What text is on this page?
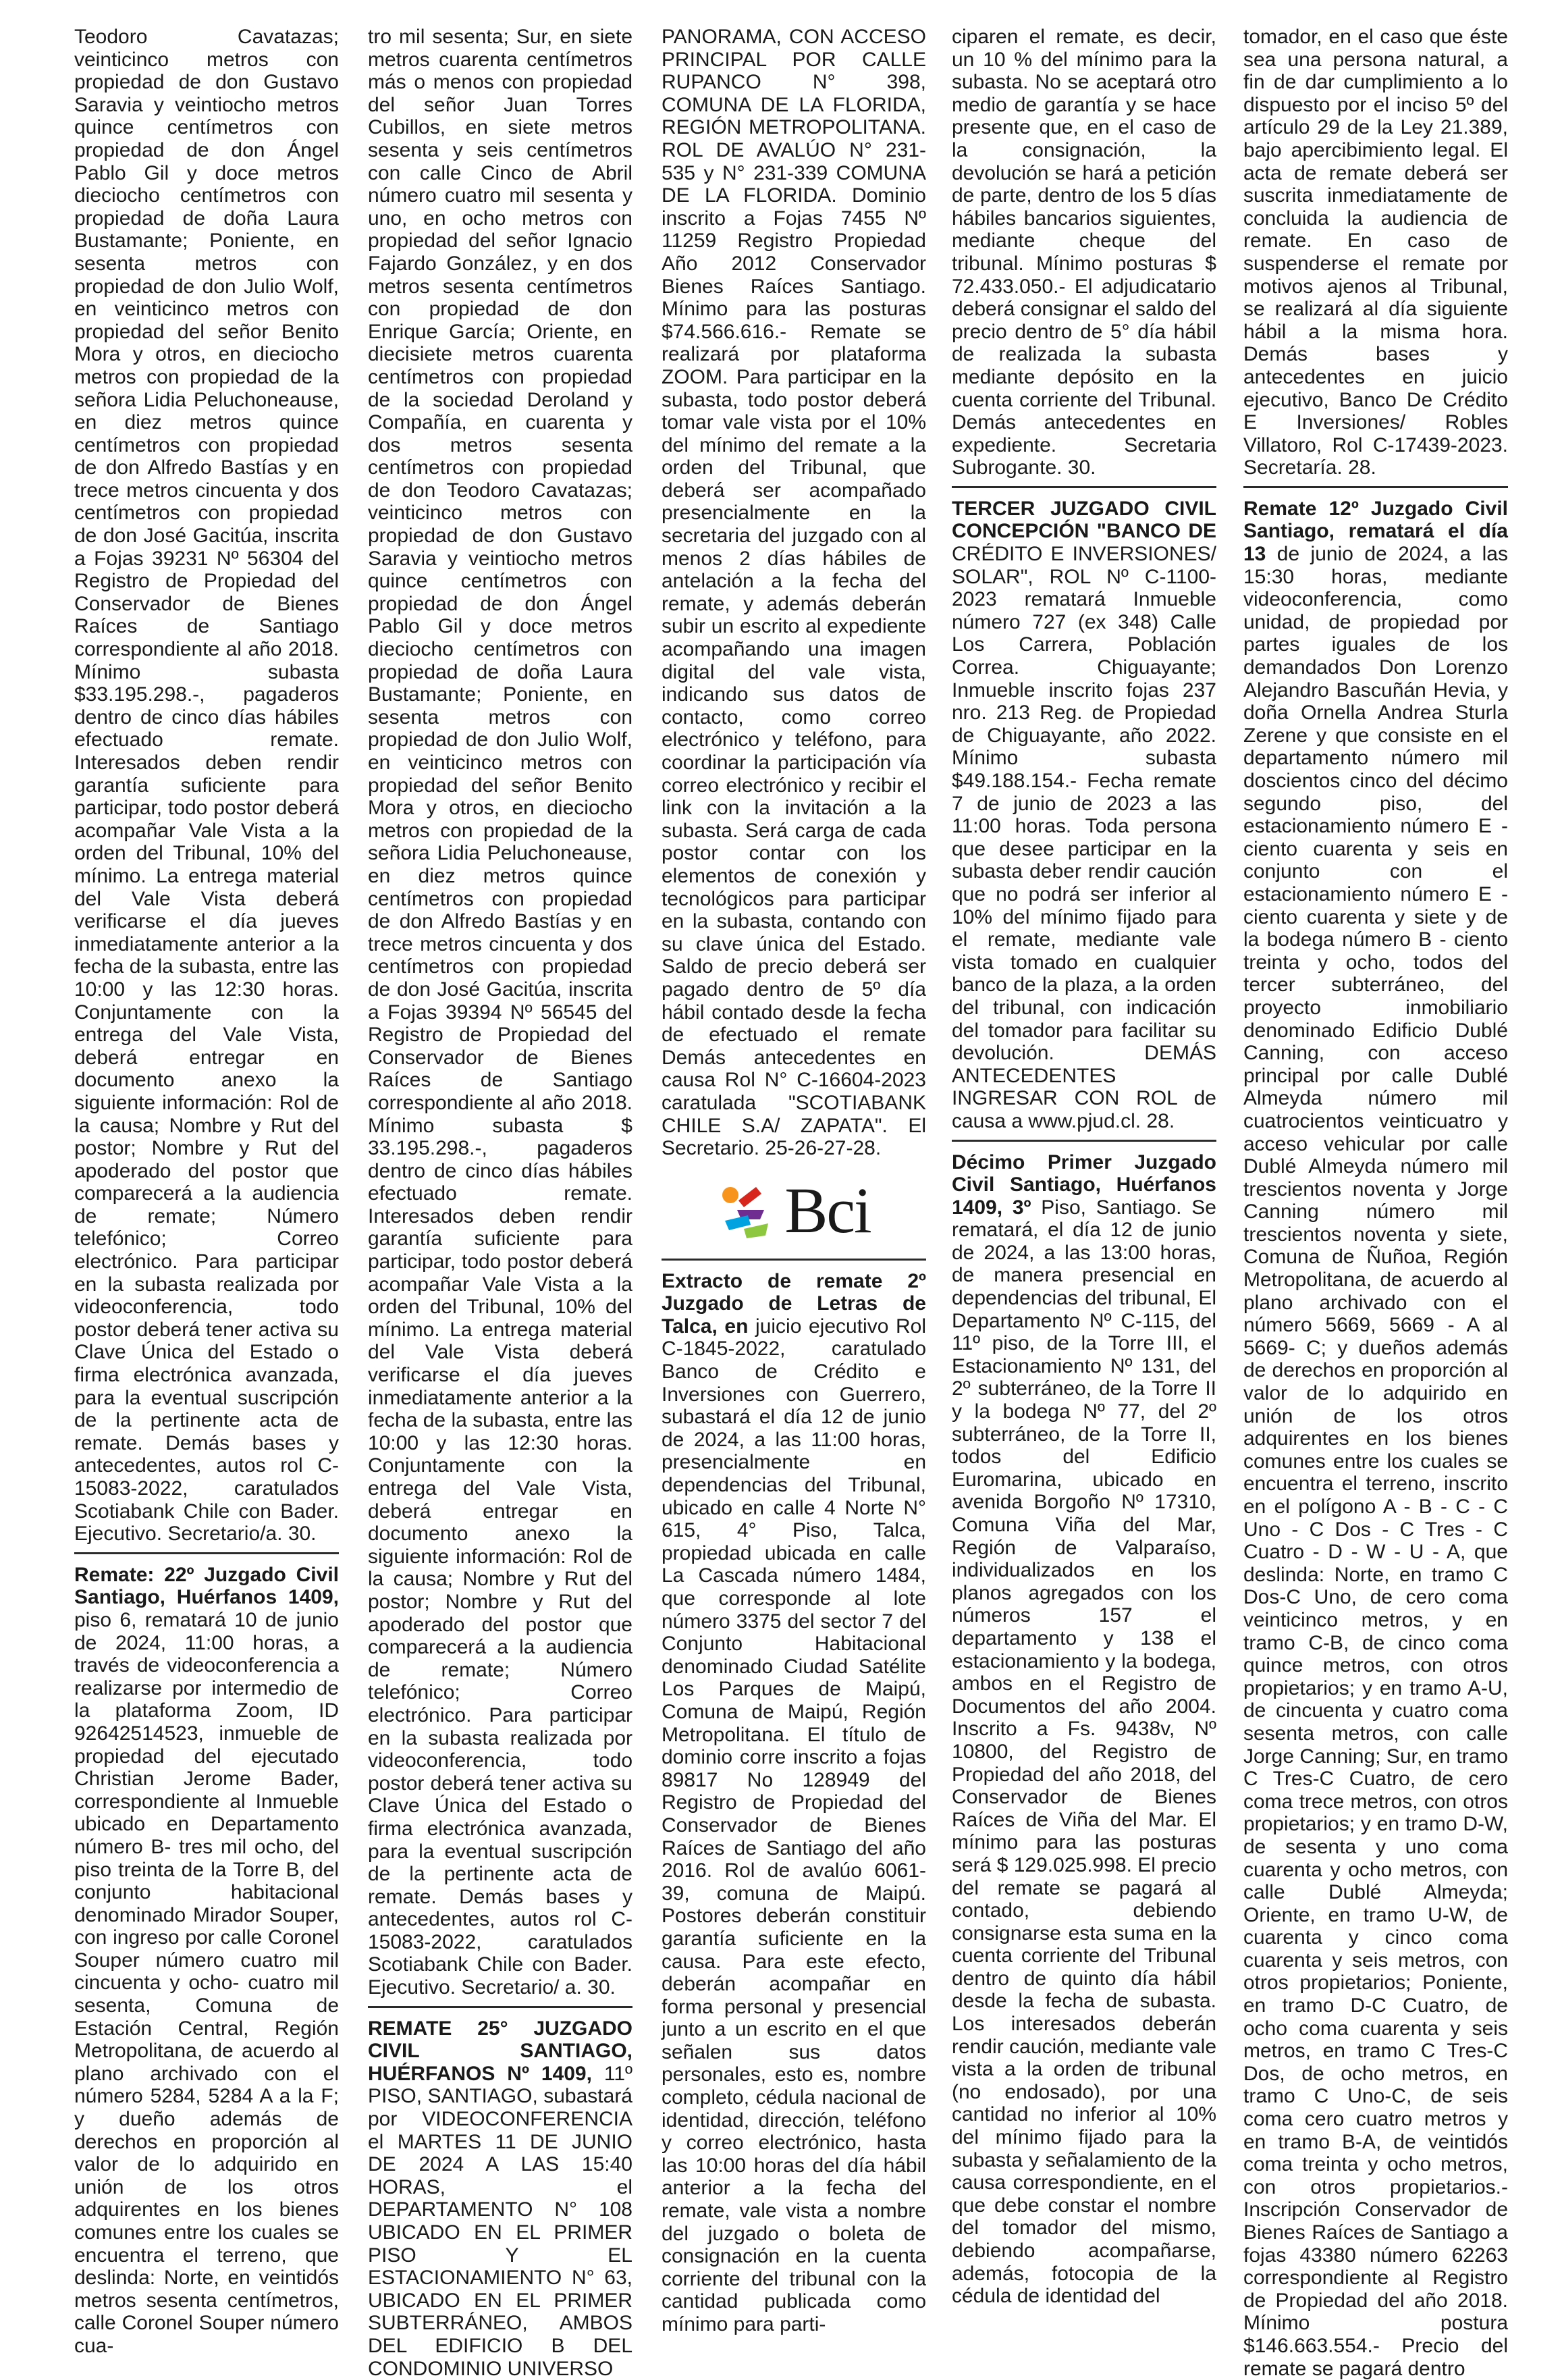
Teodoro Cavatazas; veinticinco metros con propiedad de don Gustavo Saravia y veintiocho metros quince centímetros con propiedad de don Ángel Pablo Gil y doce metros dieciocho centímetros con propiedad de doña Laura Bustamante; Poniente, en sesenta metros con propiedad de don Julio Wolf, en veinticinco metros con propiedad del señor Benito Mora y otros, en dieciocho metros con propiedad de la señora Lidia Peluchoneause, en diez metros quince centímetros con propiedad de don Alfredo Bastías y en trece metros cincuenta y dos centímetros con propiedad de don José Gacitúa, inscrita a Fojas 39231 Nº 56304 del Registro de Propiedad del Conservador de Bienes Raíces de Santiago correspondiente al año 2018. Mínimo subasta $33.195.298.-, pagaderos dentro de cinco días hábiles efectuado remate. Interesados deben rendir garantía suficiente para participar, todo postor deberá acompañar Vale Vista a la orden del Tribunal, 10% del mínimo. La entrega material del Vale Vista deberá verificarse el día jueves inmediatamente anterior a la fecha de la subasta, entre las 10:00 y las 12:30 horas. Conjuntamente con la entrega del Vale Vista, deberá entregar en documento anexo la siguiente información: Rol de la causa; Nombre y Rut del postor; Nombre y Rut del apoderado del postor que comparecerá a la audiencia de remate; Número telefónico; Correo electrónico. Para participar en la subasta realizada por videoconferencia, todo postor deberá tener activa su Clave Única del Estado o firma electrónica avanzada, para la eventual suscripción de la pertinente acta de remate. Demás bases y antecedentes, autos rol C-15083-2022, caratulados Scotiabank Chile con Bader. Ejecutivo. Secretario/a. 30.

Remate: 22º Juzgado Civil Santiago, Huérfanos 1409, piso 6, rematará 10 de junio de 2024, 11:00 horas, a través de videoconferencia a realizarse por intermedio de la plataforma Zoom, ID 92642514523, inmueble de propiedad del ejecutado Christian Jerome Bader, correspondiente al Inmueble ubicado en Departamento número B- tres mil ocho, del piso treinta de la Torre B, del conjunto habitacional denominado Mirador Souper, con ingreso por calle Coronel Souper número cuatro mil cincuenta y ocho- cuatro mil sesenta, Comuna de Estación Central, Región Metropolitana, de acuerdo al plano archivado con el número 5284, 5284 A a la F; y dueño además de derechos en proporción al valor de lo adquirido en unión de los otros adquirentes en los bienes comunes entre los cuales se encuentra el terreno, que deslinda: Norte, en veintidós metros sesenta centímetros, calle Coronel Souper número cua-

tro mil sesenta; Sur, en siete metros cuarenta centímetros más o menos con propiedad del señor Juan Torres Cubillos, en siete metros sesenta y seis centímetros con calle Cinco de Abril número cuatro mil sesenta y uno, en ocho metros con propiedad del señor Ignacio Fajardo González, y en dos metros sesenta centímetros con propiedad de don Enrique García; Oriente, en diecisiete metros cuarenta centímetros con propiedad de la sociedad Deroland y Compañía, en cuarenta y dos metros sesenta centímetros con propiedad de don Teodoro Cavatazas; veinticinco metros con propiedad de don Gustavo Saravia y veintiocho metros quince centímetros con propiedad de don Ángel Pablo Gil y doce metros dieciocho centímetros con propiedad de doña Laura Bustamante; Poniente, en sesenta metros con propiedad de don Julio Wolf, en veinticinco metros con propiedad del señor Benito Mora y otros, en dieciocho metros con propiedad de la señora Lidia Peluchoneause, en diez metros quince centímetros con propiedad de don Alfredo Bastías y en trece metros cincuenta y dos centímetros con propiedad de don José Gacitúa, inscrita a Fojas 39394 Nº 56545 del Registro de Propiedad del Conservador de Bienes Raíces de Santiago correspondiente al año 2018. Mínimo subasta $ 33.195.298.-, pagaderos dentro de cinco días hábiles efectuado remate. Interesados deben rendir garantía suficiente para participar, todo postor deberá acompañar Vale Vista a la orden del Tribunal, 10% del mínimo. La entrega material del Vale Vista deberá verificarse el día jueves inmediatamente anterior a la fecha de la subasta, entre las 10:00 y las 12:30 horas. Conjuntamente con la entrega del Vale Vista, deberá entregar en documento anexo la siguiente información: Rol de la causa; Nombre y Rut del postor; Nombre y Rut del apoderado del postor que comparecerá a la audiencia de remate; Número telefónico; Correo electrónico. Para participar en la subasta realizada por videoconferencia, todo postor deberá tener activa su Clave Única del Estado o firma electrónica avanzada, para la eventual suscripción de la pertinente acta de remate. Demás bases y antecedentes, autos rol C-15083-2022, caratulados Scotiabank Chile con Bader. Ejecutivo. Secretario/ a. 30.

REMATE 25° JUZGADO CIVIL SANTIAGO, HUÉRFANOS Nº 1409, 11º PISO, SANTIAGO, subastará por VIDEOCONFERENCIA el MARTES 11 DE JUNIO DE 2024 A LAS 15:40 HORAS, el DEPARTAMENTO N° 108 UBICADO EN EL PRIMER PISO Y EL ESTACIONAMIENTO N° 63, UBICADO EN EL PRIMER SUBTERRÁNEO, AMBOS DEL EDIFICIO B DEL CONDOMINIO UNIVERSO

PANORAMA, CON ACCESO PRINCIPAL POR CALLE RUPANCO N° 398, COMUNA DE LA FLORIDA, REGIÓN METROPOLITANA. ROL DE AVALÚO N° 231-535 y N° 231-339 COMUNA DE LA FLORIDA. Dominio inscrito a Fojas 7455 Nº 11259 Registro Propiedad Año 2012 Conservador Bienes Raíces Santiago. Mínimo para las posturas $74.566.616.- Remate se realizará por plataforma ZOOM. Para participar en la subasta, todo postor deberá tomar vale vista por el 10% del mínimo del remate a la orden del Tribunal, que deberá ser acompañado presencialmente en la secretaria del juzgado con al menos 2 días hábiles de antelación a la fecha del remate, y además deberán subir un escrito al expediente acompañando una imagen digital del vale vista, indicando sus datos de contacto, como correo electrónico y teléfono, para coordinar la participación vía correo electrónico y recibir el link con la invitación a la subasta. Será carga de cada postor contar con los elementos de conexión y tecnológicos para participar en la subasta, contando con su clave única del Estado. Saldo de precio deberá ser pagado dentro de 5º día hábil contado desde la fecha de efectuado el remate Demás antecedentes en causa Rol N° C-16604-2023 caratulada "SCOTIABANK CHILE S.A/ ZAPATA". El Secretario. 25-26-27-28.

Bci

Extracto de remate 2º Juzgado de Letras de Talca, en juicio ejecutivo Rol C-1845-2022, caratulado Banco de Crédito e Inversiones con Guerrero, subastará el día 12 de junio de 2024, a las 11:00 horas, presencialmente en dependencias del Tribunal, ubicado en calle 4 Norte N° 615, 4° Piso, Talca, propiedad ubicada en calle La Cascada número 1484, que corresponde al lote número 3375 del sector 7 del Conjunto Habitacional denominado Ciudad Satélite Los Parques de Maipú, Comuna de Maipú, Región Metropolitana. El título de dominio corre inscrito a fojas 89817 No 128949 del Registro de Propiedad del Conservador de Bienes Raíces de Santiago del año 2016. Rol de avalúo 6061-39, comuna de Maipú. Postores deberán constituir garantía suficiente en la causa. Para este efecto, deberán acompañar en forma personal y presencial junto a un escrito en el que señalen sus datos personales, esto es, nombre completo, cédula nacional de identidad, dirección, teléfono y correo electrónico, hasta las 10:00 horas del día hábil anterior a la fecha del remate, vale vista a nombre del juzgado o boleta de consignación en la cuenta corriente del tribunal con la cantidad publicada como mínimo para parti-

ciparen el remate, es decir, un 10 % del mínimo para la subasta. No se aceptará otro medio de garantía y se hace presente que, en el caso de la consignación, la devolución se hará a petición de parte, dentro de los 5 días hábiles bancarios siguientes, mediante cheque del tribunal. Mínimo posturas $ 72.433.050.- El adjudicatario deberá consignar el saldo del precio dentro de 5° día hábil de realizada la subasta mediante depósito en la cuenta corriente del Tribunal. Demás antecedentes en expediente. Secretaria Subrogante. 30.

TERCER JUZGADO CIVIL CONCEPCIÓN "BANCO DE CRÉDITO E INVERSIONES/ SOLAR", ROL Nº C-1100-2023 rematará Inmueble número 727 (ex 348) Calle Los Carrera, Población Correa. Chiguayante; Inmueble inscrito fojas 237 nro. 213 Reg. de Propiedad de Chiguayante, año 2022. Mínimo subasta $49.188.154.- Fecha remate 7 de junio de 2023 a las 11:00 horas. Toda persona que desee participar en la subasta deber rendir caución que no podrá ser inferior al 10% del mínimo fijado para el remate, mediante vale vista tomado en cualquier banco de la plaza, a la orden del tribunal, con indicación del tomador para facilitar su devolución. DEMÁS ANTECEDENTES INGRESAR CON ROL de causa a www.pjud.cl. 28.

Décimo Primer Juzgado Civil Santiago, Huérfanos 1409, 3º Piso, Santiago. Se rematará, el día 12 de junio de 2024, a las 13:00 horas, de manera presencial en dependencias del tribunal, El Departamento Nº C-115, del 11º piso, de la Torre III, el Estacionamiento Nº 131, del 2º subterráneo, de la Torre II y la bodega Nº 77, del 2º subterráneo, de la Torre II, todos del Edificio Euromarina, ubicado en avenida Borgoño Nº 17310, Comuna Viña del Mar, Región de Valparaíso, individualizados en los planos agregados con los números 157 el departamento y 138 el estacionamiento y la bodega, ambos en el Registro de Documentos del año 2004. Inscrito a Fs. 9438v, Nº 10800, del Registro de Propiedad del año 2018, del Conservador de Bienes Raíces de Viña del Mar. El mínimo para las posturas será $ 129.025.998. El precio del remate se pagará al contado, debiendo consignarse esta suma en la cuenta corriente del Tribunal dentro de quinto día hábil desde la fecha de subasta. Los interesados deberán rendir caución, mediante vale vista a la orden de tribunal (no endosado), por una cantidad no inferior al 10% del mínimo fijado para la subasta y señalamiento de la causa correspondiente, en el que debe constar el nombre del tomador del mismo, debiendo acompañarse, además, fotocopia de la cédula de identidad del

tomador, en el caso que éste sea una persona natural, a fin de dar cumplimiento a lo dispuesto por el inciso 5º del artículo 29 de la Ley 21.389, bajo apercibimiento legal. El acta de remate deberá ser suscrita inmediatamente de concluida la audiencia de remate. En caso de suspenderse el remate por motivos ajenos al Tribunal, se realizará al día siguiente hábil a la misma hora. Demás bases y antecedentes en juicio ejecutivo, Banco De Crédito E Inversiones/ Robles Villatoro, Rol C-17439-2023. Secretaría. 28.

Remate 12º Juzgado Civil Santiago, rematará el día 13 de junio de 2024, a las 15:30 horas, mediante videoconferencia, como unidad, de propiedad por partes iguales de los demandados Don Lorenzo Alejandro Bascuñán Hevia, y doña Ornella Andrea Sturla Zerene y que consiste en el departamento número mil doscientos cinco del décimo segundo piso, del estacionamiento número E - ciento cuarenta y seis en conjunto con el estacionamiento número E - ciento cuarenta y siete y de la bodega número B - ciento treinta y ocho, todos del tercer subterráneo, del proyecto inmobiliario denominado Edificio Dublé Canning, con acceso principal por calle Dublé Almeyda número mil cuatrocientos veinticuatro y acceso vehicular por calle Dublé Almeyda número mil trescientos noventa y Jorge Canning número mil trescientos noventa y siete, Comuna de Ñuñoa, Región Metropolitana, de acuerdo al plano archivado con el número 5669, 5669 - A al 5669- C; y dueños además de derechos en proporción al valor de lo adquirido en unión de los otros adquirentes en los bienes comunes entre los cuales se encuentra el terreno, inscrito en el polígono A - B - C - C Uno - C Dos - C Tres - C Cuatro - D - W - U - A, que deslinda: Norte, en tramo C Dos-C Uno, de cero coma veinticinco metros, y en tramo C-B, de cinco coma quince metros, con otros propietarios; y en tramo A-U, de cincuenta y cuatro coma sesenta metros, con calle Jorge Canning; Sur, en tramo C Tres-C Cuatro, de cero coma trece metros, con otros propietarios; y en tramo D-W, de sesenta y uno coma cuarenta y ocho metros, con calle Dublé Almeyda; Oriente, en tramo U-W, de cuarenta y cinco coma cuarenta y seis metros, con otros propietarios; Poniente, en tramo D-C Cuatro, de ocho coma cuarenta y seis metros, en tramo C Tres-C Dos, de ocho metros, en tramo C Uno-C, de seis coma cero cuatro metros y en tramo B-A, de veintidós coma treinta y ocho metros, con otros propietarios.- Inscripción Conservador de Bienes Raíces de Santiago a fojas 43380 número 62263 correspondiente al Registro de Propiedad del año 2018. Mínimo postura $146.663.554.- Precio del remate se pagará dentro
